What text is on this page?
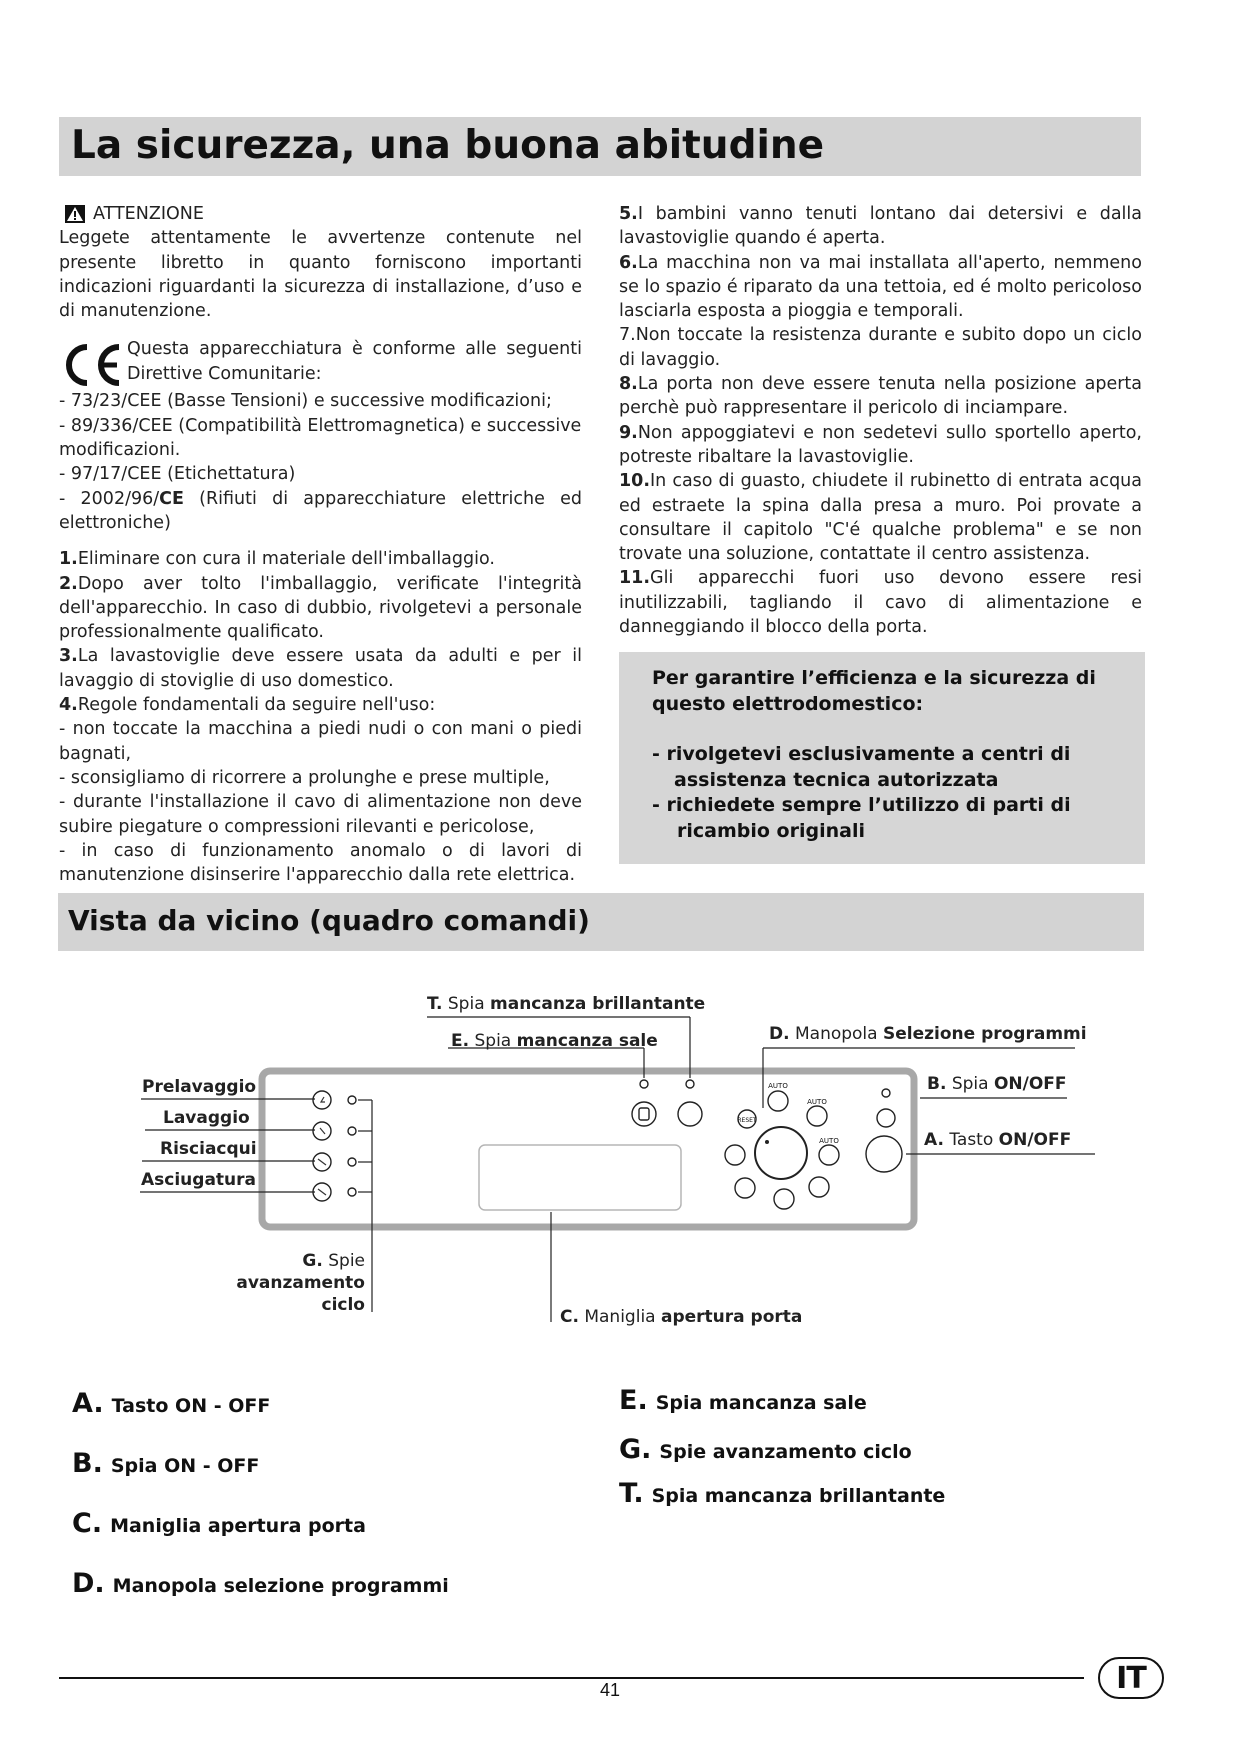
La sicurezza, una buona abitudine

ATTENZIONE

Leggete attentamente le avvertenze contenute nel presente libretto in quanto forniscono importanti indicazioni riguardanti la sicurezza di installazione, d’uso e di manutenzione.

CE	Questa apparecchiatura è conforme alle seguenti Direttive Comunitarie:

- 73/23/CEE (Basse Tensioni) e successive modificazioni;

- 89/336/CEE (Compatibilità Elettromagnetica) e successive modificazioni.

- 97/17/CEE (Etichettatura)

- 2002/96/CE (Rifiuti di apparecchiature elettriche ed elettroniche)

1.Eliminare con cura il materiale dell'imballaggio.

2.Dopo aver tolto l'imballaggio, verificate l'integrità dell'apparecchio. In caso di dubbio, rivolgetevi a personale professionalmente qualificato.

3.La lavastoviglie deve essere usata da adulti e per il lavaggio di stoviglie di uso domestico.

4.Regole fondamentali da seguire nell'uso:

- non toccate la macchina a piedi nudi o con mani o piedi bagnati,

- sconsigliamo di ricorrere a prolunghe e prese multiple,

- durante l'installazione il cavo di alimentazione non deve subire piegature o compressioni rilevanti e pericolose,

- in caso di funzionamento anomalo o di lavori di manutenzione disinserire l'apparecchio dalla rete elettrica.

5.I bambini vanno tenuti lontano dai detersivi e dalla lavastoviglie quando é aperta.

6.La macchina non va mai installata all'aperto, nemmeno se lo spazio é riparato da una tettoia, ed é molto pericoloso lasciarla esposta a pioggia e temporali.

7.Non toccate la resistenza durante e subito dopo un ciclo di lavaggio.

8.La porta non deve essere tenuta nella posizione aperta perchè può rappresentare il pericolo di inciampare.

9.Non appoggiatevi e non sedetevi sullo sportello aperto, potreste ribaltare la lavastoviglie.

10.In caso di guasto, chiudete il rubinetto di entrata acqua ed estraete la spina dalla presa a muro. Poi provate a consultare il capitolo "C'é qualche problema" e se non trovate una soluzione, contattate il centro assistenza.

11.Gli apparecchi fuori uso devono essere resi inutilizzabili, tagliando il cavo di alimentazione e danneggiando il blocco della porta.

Per garantire l’efficienza e la sicurezza di questo elettrodomestico:
- rivolgetevi esclusivamente a centri di
assistenza tecnica autorizzata
- richiedete sempre l’utilizzo di parti di
ricambio originali
Vista da vicino (quadro comandi)
RESET
AUTO
AUTO
AUTO
T. Spia mancanza brillantante
E. Spia mancanza sale	D. Manopola Selezione programmi
B. Spia ON/OFF
A. Tasto ON/OFF
C. Maniglia apertura porta
G. Spie
avanzamento
ciclo
Prelavaggio
Lavaggio
Risciacqui
Asciugatura
A. Tasto ON - OFF
B. Spia ON - OFF
C. Maniglia apertura porta
D. Manopola selezione programmi
E. Spia mancanza sale
G. Spie avanzamento ciclo
T. Spia mancanza brillantante
41	IT
